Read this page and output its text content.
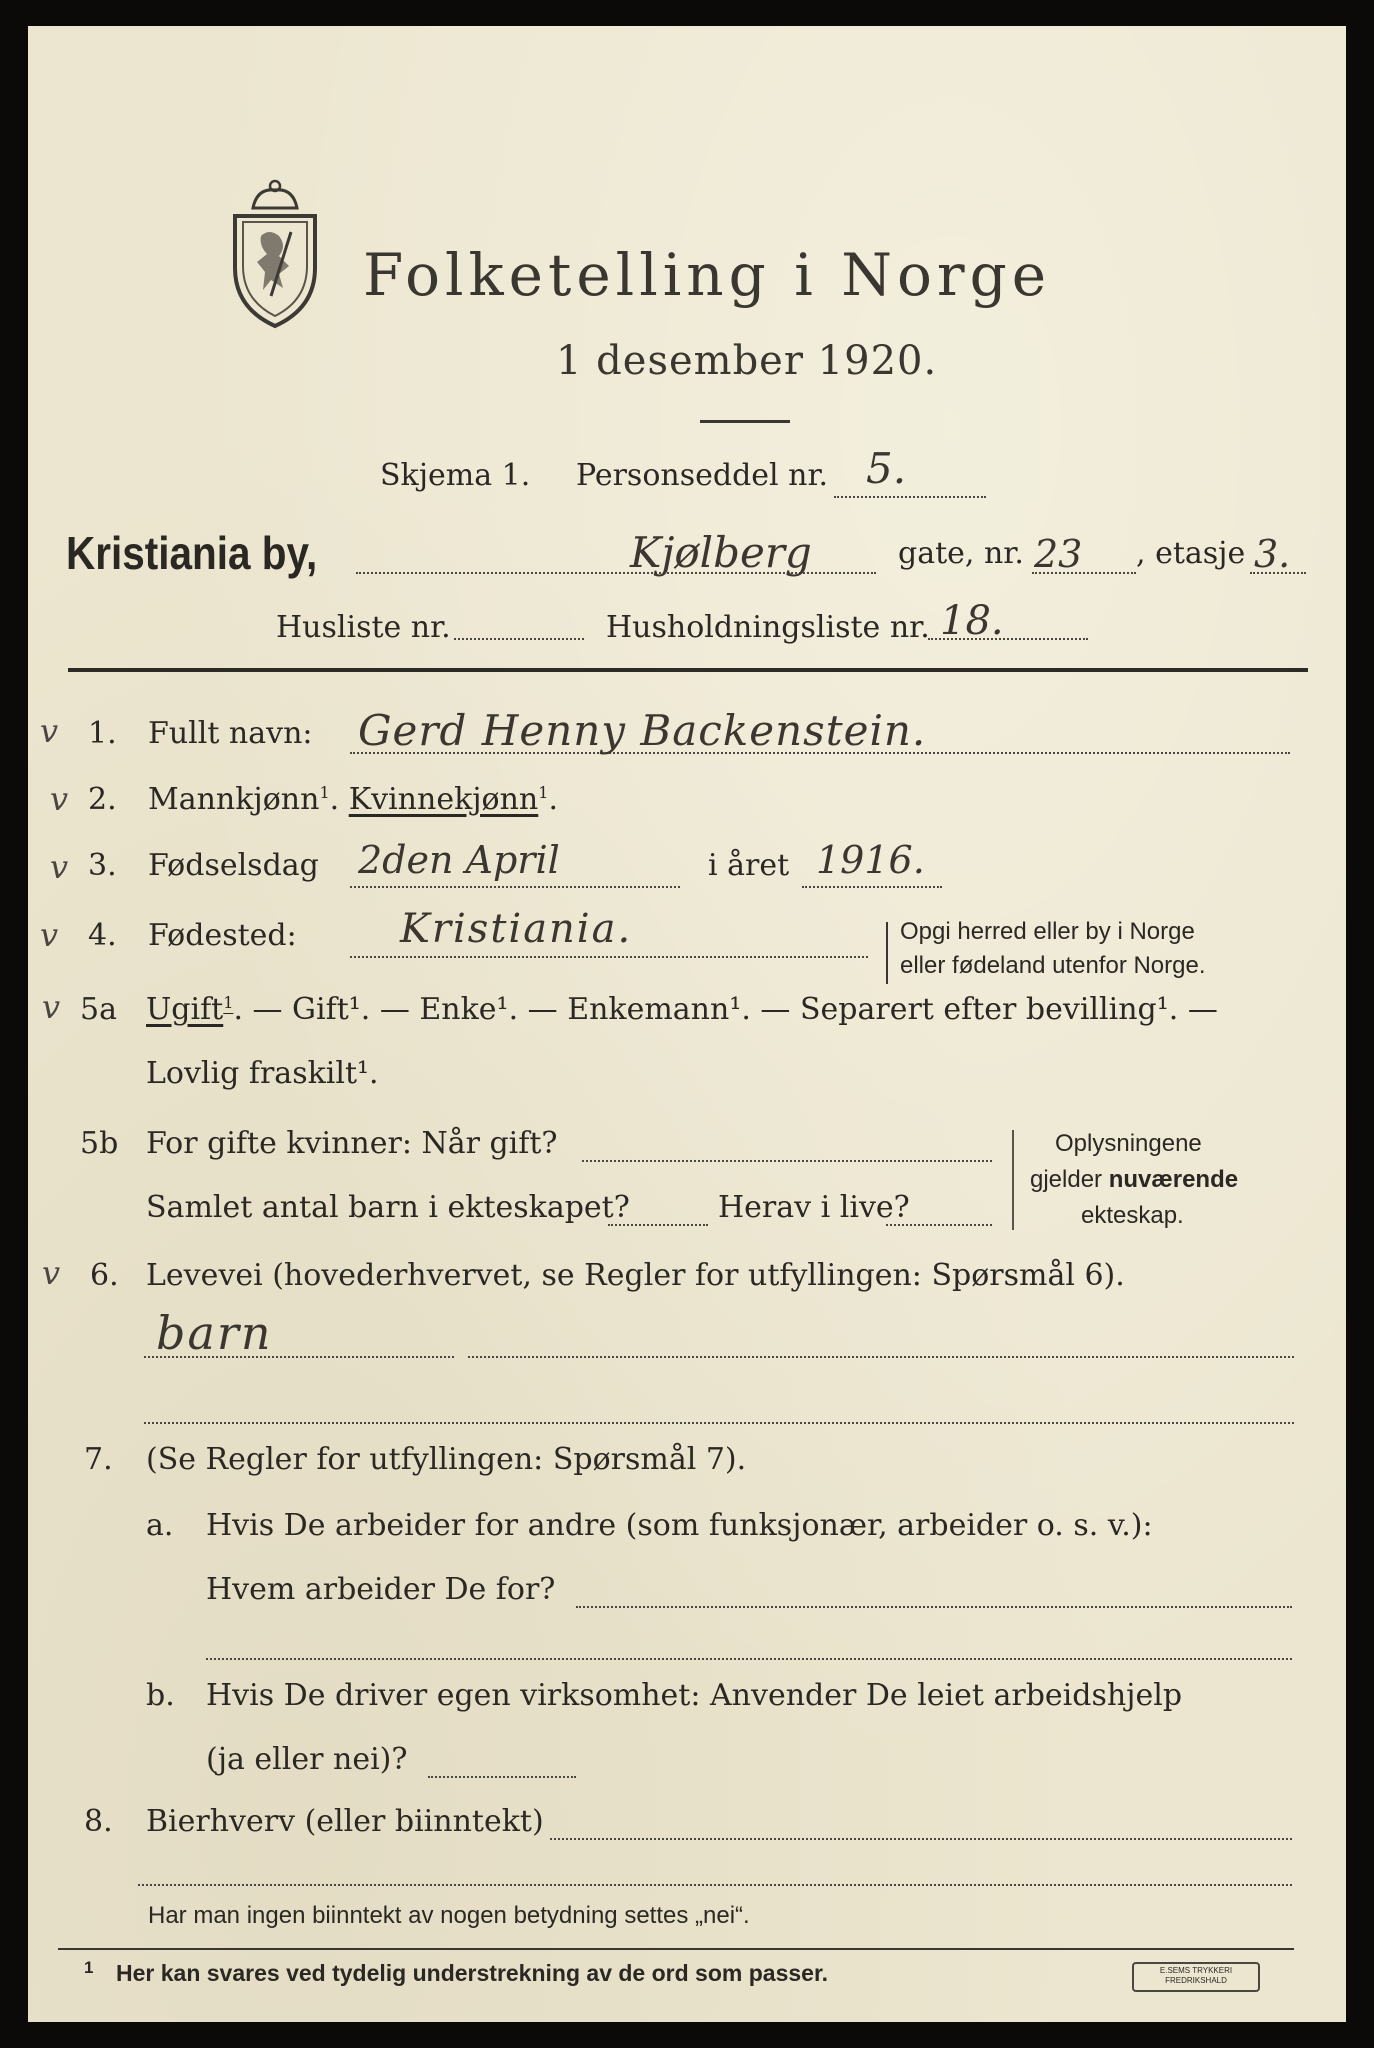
Folketelling i Norge
1 desember 1920.
Skjema 1. Personseddel nr. 5.
Kristiania by,	Kjølberg	gate, nr. 23 , etasje 3.
Husliste nr.	Husholdningsliste nr. 18.
v 1. Fullt navn: Gerd Henny Backenstein.
v 2. Mannkjønn$^1$. Kvinnekjønn$^1$.
v 3. Fødselsdag 2den April	i året 1916.
v 4. Fødested:	Kristiania.	Opgi herred eller by i Norge
eller fødeland utenfor Norge.
v 5a Ugift$^1$. — Gift¹. — Enke¹. — Enkemann¹. — Separert efter bevilling¹. —
Lovlig fraskilt¹.
5b For gifte kvinner: Når gift?
Samlet antal barn i ekteskapet?	Herav i live?
Oplysningene
gjelder nuværende
ekteskap.
v 6. Levevei (hovederhvervet, se Regler for utfyllingen: Spørsmål 6).
barn
7. (Se Regler for utfyllingen: Spørsmål 7).
a. Hvis De arbeider for andre (som funksjonær, arbeider o. s. v.):
Hvem arbeider De for?
b. Hvis De driver egen virksomhet: Anvender De leiet arbeidshjelp
(ja eller nei)?
8. Bierhverv (eller biinntekt)
Har man ingen biinntekt av nogen betydning settes „nei“.
1 Her kan svares ved tydelig understrekning av de ord som passer.	E.SEMS TRYKKERI
FREDRIKSHALD
